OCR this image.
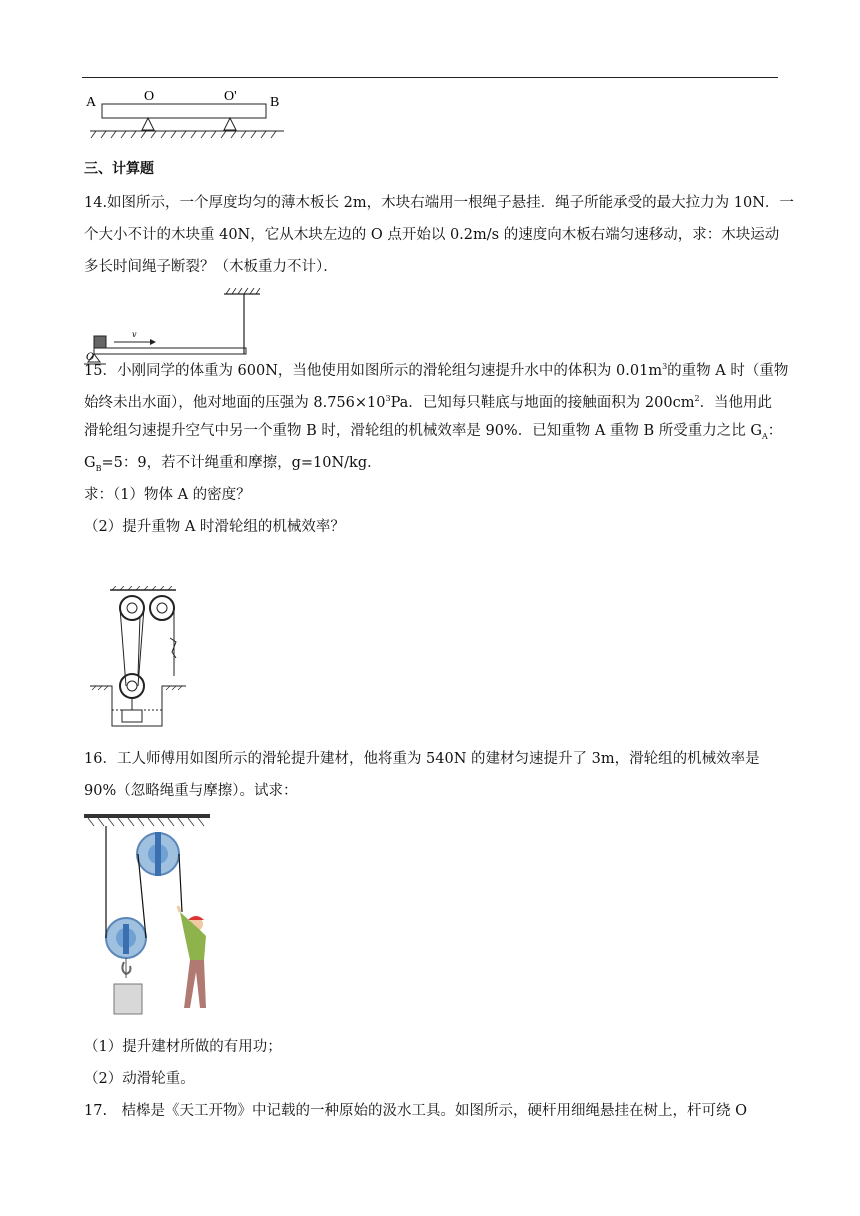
A	O	O' B
三、计算题
14.如图所示，一个厚度均匀的薄木板长 2m，木块右端用一根绳子悬挂．绳子所能承受的最大拉力为 10N．一
个大小不计的木块重 40N，它从木块左边的 O 点开始以 0.2m/s 的速度向木板右端匀速移动，求：木块运动
多长时间绳子断裂？（木板重力不计）．
O
v
15．小刚同学的体重为 600N，当他使用如图所示的滑轮组匀速提升水中的体积为 $0.01m^3$的重物 A 时（重物
始终未出水面），他对地面的压强为 $8.756\times 10^3Pa$．已知每只鞋底与地面的接触面积为 $200cm^2$．当他用此
滑轮组匀速提升空气中另一个重物 B 时，滑轮组的机械效率是 90%．已知重物 A 重物 B 所受重力之比 $G_A$：
$G_B=5$：9，若不计绳重和摩擦，g=10N/kg．
求：（1）物体 A 的密度？
（2）提升重物 A 时滑轮组的机械效率？
16．工人师傅用如图所示的滑轮提升建材，他将重为 540N 的建材匀速提升了 3m，滑轮组的机械效率是
90%（忽略绳重与摩擦）。试求：
（1）提升建材所做的有用功；
（2）动滑轮重。
17.　桔槔是《天工开物》中记载的一种原始的汲水工具。如图所示，硬杆用细绳悬挂在树上，杆可绕 O
